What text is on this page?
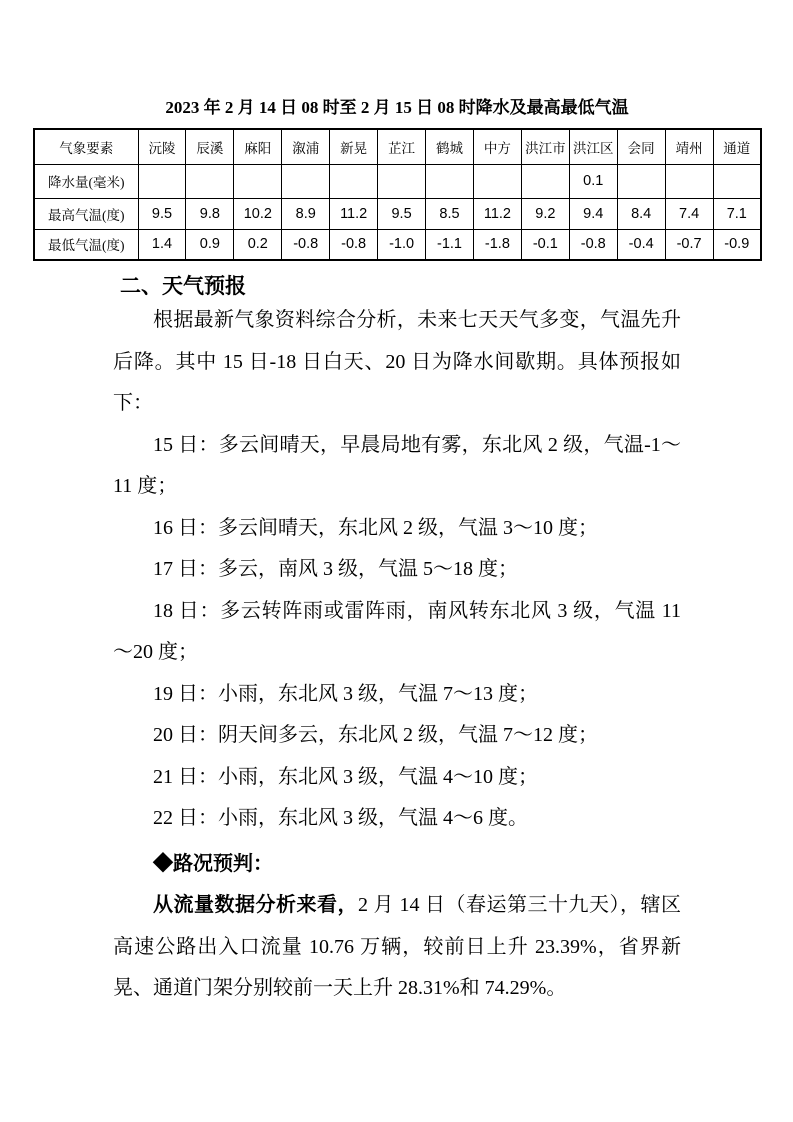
2023 年 2 月 14 日 08 时至 2 月 15 日 08 时降水及最高最低气温
气象要素	沅陵	辰溪	麻阳	溆浦	新晃	芷江	鹤城	中方	洪江市	洪江区	会同	靖州	通道
降水量(毫米)										0.1			
最高气温(度)	9.5	9.8	10.2	8.9	11.2	9.5	8.5	11.2	9.2	9.4	8.4	7.4	7.1
最低气温(度)	1.4	0.9	0.2	-0.8	-0.8	-1.0	-1.1	-1.8	-0.1	-0.8	-0.4	-0.7	-0.9
二、天气预报

根据最新气象资料综合分析，未来七天天气多变，气温先升后降。其中 15 日-18 日白天、20 日为降水间歇期。具体预报如下：

15 日：多云间晴天，早晨局地有雾，东北风 2 级，气温-1～11 度；

16 日：多云间晴天，东北风 2 级，气温 3～10 度；

17 日：多云，南风 3 级，气温 5～18 度；

18 日：多云转阵雨或雷阵雨，南风转东北风 3 级，气温 11～20 度；

19 日：小雨，东北风 3 级，气温 7～13 度；

20 日：阴天间多云，东北风 2 级，气温 7～12 度；

21 日：小雨，东北风 3 级，气温 4～10 度；

22 日：小雨，东北风 3 级，气温 4～6 度。

◆路况预判：

从流量数据分析来看，2 月 14 日（春运第三十九天），辖区高速公路出入口流量 10.76 万辆，较前日上升 23.39%，省界新晃、通道门架分别较前一天上升 28.31%和 74.29%。
